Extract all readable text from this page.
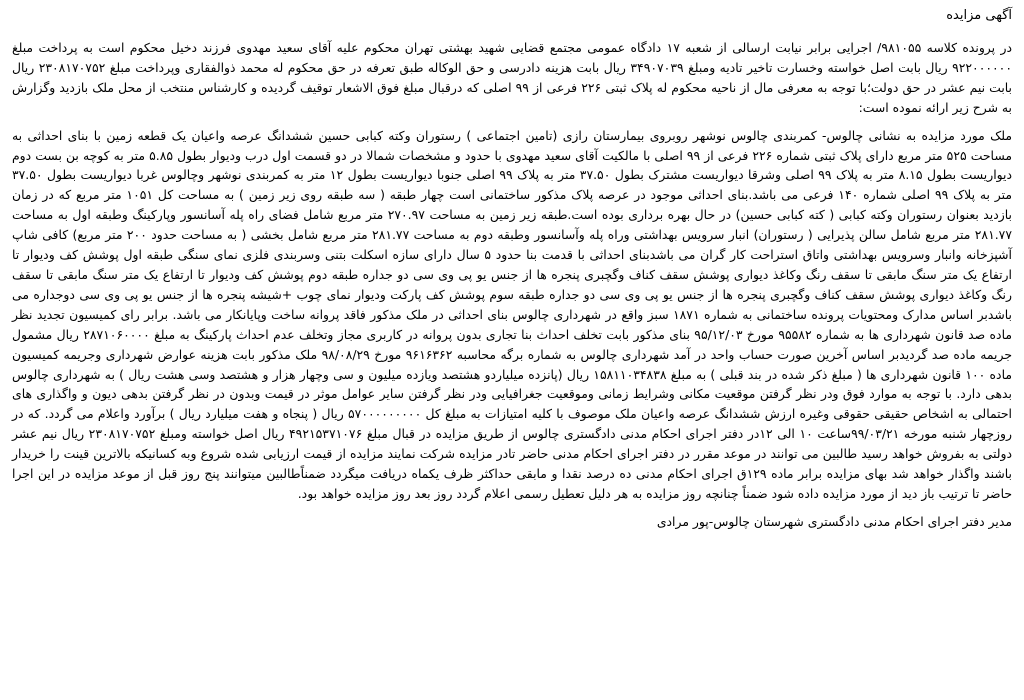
آگهی مزایده

در پرونده کلاسه ۹۸۱۰۵۵/ اجرایی برابر نیابت ارسالی از شعبه ۱۷ دادگاه عمومی مجتمع قضایی شهید بهشتی تهران محکوم علیه آقای سعید مهدوی فرزند دخیل محکوم است به پرداخت مبلغ ۹۲۲۰۰۰۰۰۰ ریال بابت اصل خواسته وخسارت تاخیر تادیه ومبلغ ۳۴۹۰۷۰۳۹ ریال بابت هزینه دادرسی و حق الوکاله طبق تعرفه در حق محکوم له محمد ذوالفقاری وپرداخت مبلغ ۲۳۰۸۱۷۰۷۵۲ ریال بابت نیم عشر در حق دولت؛با توجه به معرفی مال از ناحیه محکوم له پلاک ثبتی ۲۲۶ فرعی از ۹۹ اصلی که درقبال مبلغ فوق الاشعار توقیف گردیده و کارشناس منتخب از محل ملک بازدید وگزارش به شرح زیر ارائه نموده است:

ملک مورد مزایده به نشانی چالوس- کمربندی چالوس نوشهر روبروی بیمارستان رازی (تامین اجتماعی ) رستوران وکته کبابی حسین ششدانگ عرصه واعیان یک قطعه زمین با بنای احداثی به مساحت ۵۲۵ متر مربع دارای پلاک ثبتی شماره ۲۲۶ فرعی از ۹۹ اصلی با مالکیت آقای سعید مهدوی با حدود و مشخصات شمالا در دو قسمت اول درب ودیوار بطول ۵.۸۵ متر به کوچه بن بست دوم دیواریست بطول ۸.۱۵ متر به پلاک ۹۹ اصلی وشرقا دیواریست مشترک بطول ۳۷.۵۰ متر به پلاک ۹۹ اصلی جنوبا دیواریست بطول ۱۲ متر به کمربندی نوشهر وچالوس غربا دیواریست بطول ۳۷.۵۰ متر به پلاک ۹۹ اصلی شماره ۱۴۰ فرعی می باشد.بنای احداثی موجود در عرصه پلاک مذکور ساختمانی است چهار طبقه ( سه طبقه روی زیر زمین ) به مساحت کل ۱۰۵۱ متر مربع که در زمان بازدید بعنوان رستوران وکته کبابی ( کته کبابی حسین) در حال بهره برداری بوده است.طبقه زیر زمین به مساحت ۲۷۰.۹۷ متر مربع شامل فضای راه پله آسانسور وپارکینگ وطبقه اول به مساحت ۲۸۱.۷۷ متر مربع شامل سالن پذیرایی ( رستوران) انبار سرویس بهداشتی وراه پله وآسانسور وطبقه دوم به مساحت ۲۸۱.۷۷ متر مربع شامل بخشی ( به مساحت حدود ۲۰۰ متر مربع) کافی شاپ آشپزخانه وانبار وسرویس بهداشتی واتاق استراحت کار گران می باشدبنای احداثی با قدمت بنا حدود ۵ سال دارای سازه اسکلت بتنی وسربندی فلزی نمای سنگی طبقه اول پوشش کف ودیوار تا ارتفاع یک متر سنگ مابقی تا سقف رنگ وکاغذ دیواری پوشش سقف کناف وگچبری پنجره ها از جنس یو پی وی سی دو جداره طبقه دوم پوشش کف ودیوار تا ارتفاع یک متر سنگ مابقی تا سقف رنگ وکاغذ دیواری پوشش سقف کناف وگچبری پنجره ها از جنس یو پی وی سی دو جداره طبقه سوم پوشش کف پارکت ودیوار نمای چوب +شیشه پنجره ها از جنس یو پی وی سی دوجداره می باشدبر اساس مدارک ومحتویات پرونده ساختمانی به شماره ۱۸۷۱ سبز واقع در شهرداری چالوس بنای احداثی در ملک مذکور فاقد پروانه ساخت وپایانکار می باشد. برابر رای کمیسیون تجدید نظر ماده صد قانون شهرداری ها به شماره ۹۵۵۸۲ مورخ ۹۵/۱۲/۰۳ بنای مذکور بابت تخلف احداث بنا تجاری بدون پروانه در کاربری مجاز وتخلف عدم احداث پارکینگ به مبلغ ۲۸۷۱۰۶۰۰۰۰ ریال مشمول جریمه ماده صد گردیدبر اساس آخرین صورت حساب واحد در آمد شهرداری چالوس به شماره برگه محاسبه ۹۶۱۶۳۶۲ مورخ ۹۸/۰۸/۲۹ ملک مذکور بابت هزینه عوارض شهرداری وجریمه کمیسیون ماده ۱۰۰ قانون شهرداری ها ( مبلغ ذکر شده در بند قبلی ) به مبلغ ۱۵۸۱۱۰۳۴۸۳۸ ریال (پانزده میلیاردو هشتصد ویازده میلیون و سی وچهار هزار و هشتصد وسی هشت ریال ) به شهرداری چالوس بدهی دارد. با توجه به موارد فوق ودر نظر گرفتن موقعیت مکانی وشرایط زمانی وموقعیت جغرافیایی ودر نظر گرفتن سایر عوامل موثر در قیمت وبدون در نظر گرفتن بدهی دیون و واگذاری های احتمالی به اشخاص حقیقی حقوقی وغیره ارزش ششدانگ عرصه واعیان ملک موصوف با کلیه امتیازات به مبلغ کل ۵۷۰۰۰۰۰۰۰۰۰ ریال ( پنجاه و هفت میلیارد ریال ) برآورد واعلام می گردد. که در روزچهار شنبه مورخه ۹۹/۰۳/۲۱ساعت ۱۰ الی ۱۲در دفتر اجرای احکام مدنی دادگستری چالوس از طریق مزایده در قبال مبلغ ۴۹۲۱۵۳۷۱۰۷۶ ریال اصل خواسته ومبلغ ۲۳۰۸۱۷۰۷۵۲ ریال نیم عشر دولتی به بفروش خواهد رسید طالبین می توانند در موعد مقرر در دفتر اجرای احکام مدنی حاضر تادر مزایده شرکت نمایند مزایده از قیمت ارزیابی شده شروع وبه کسانیکه بالاترین قینت را خریدار باشند واگذار خواهد شد بهای مزایده برابر ماده ۱۲۹ق اجرای احکام مدنی ده درصد نقدا و مابقی حداکثر ظرف یکماه دریافت میگردد ضمناًطالبین میتوانند پنج روز قبل از موعد مزایده در این اجرا حاضر تا ترتیب باز دید از مورد مزایده داده شود ضمناً چنانچه روز مزایده به هر دلیل تعطیل رسمی اعلام گردد روز بعد روز مزایده خواهد بود.

مدیر دفتر اجرای احکام مدنی دادگستری شهرستان چالوس-پور مرادی
